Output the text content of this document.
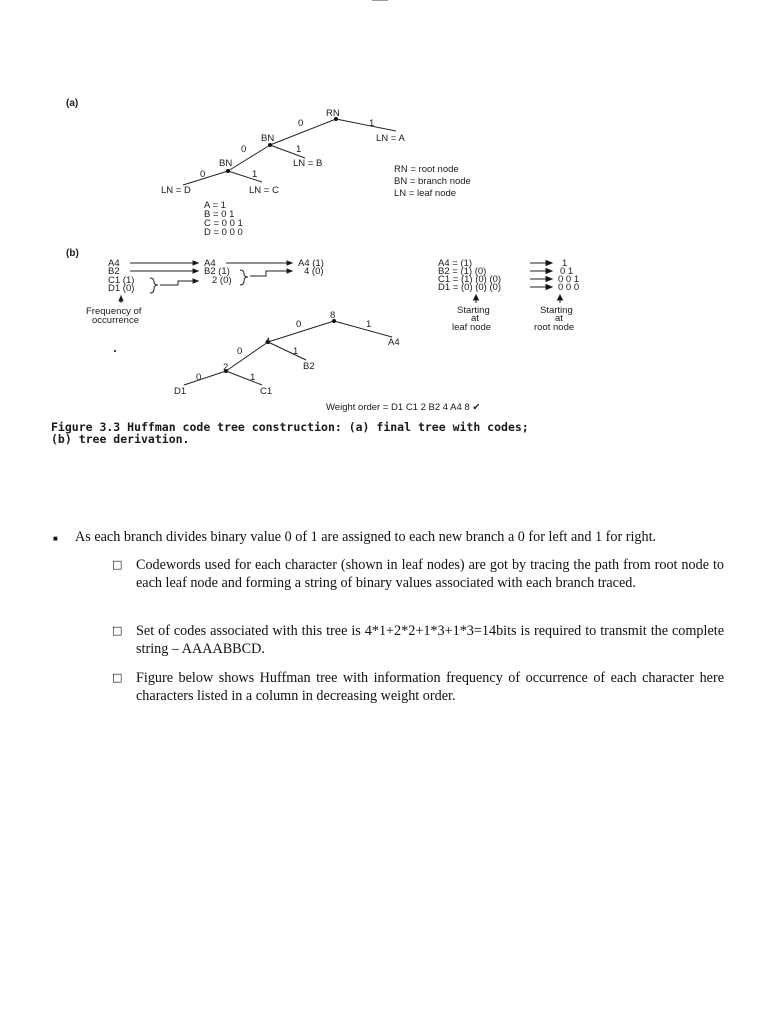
(a)
RN
BN
BN
LN = A
LN = B
LN = C
LN = D
0	1
0	1
0	1	RN = root node
BN = branch node
LN = leaf node
A = 1
B = 0 1
C = 0 0 1
D = 0 0 0
(b)
A4
B2
C1 (1)
D1 (0)
A4
B2 (1)
2 (0)
A4 (1)
4 (0)
Frequency of
occurrence
A4 = (1)
B2 = (1) (0)
C1 = (1) (0) (0)
D1 = (0) (0) (0)
1
0 1
0 0 1
0 0 0
Starting
at
leaf node
Starting
at
root node
8
4
2
A4
B2
C1
D1
0	1
0	1
0	1
Weight order = D1 C1 2 B2 4 A4 8 ✔
Figure 3.3 Huffman code tree construction: (a) final tree with codes;
(b) tree derivation.
■ As each branch divides binary value 0 of 1 are assigned to each new branch a 0 for left and 1 for right.
□ Codewords used for each character (shown in leaf nodes) are got by tracing the path from root node to each leaf node and forming a string of binary values associated with each branch traced.
□ Set of codes associated with this tree is 4*1+2*2+1*3+1*3=14bits is required to transmit the complete string – AAAABBCD.
□ Figure below shows Huffman tree with information frequency of occurrence of each character here characters listed in a column in decreasing weight order.
